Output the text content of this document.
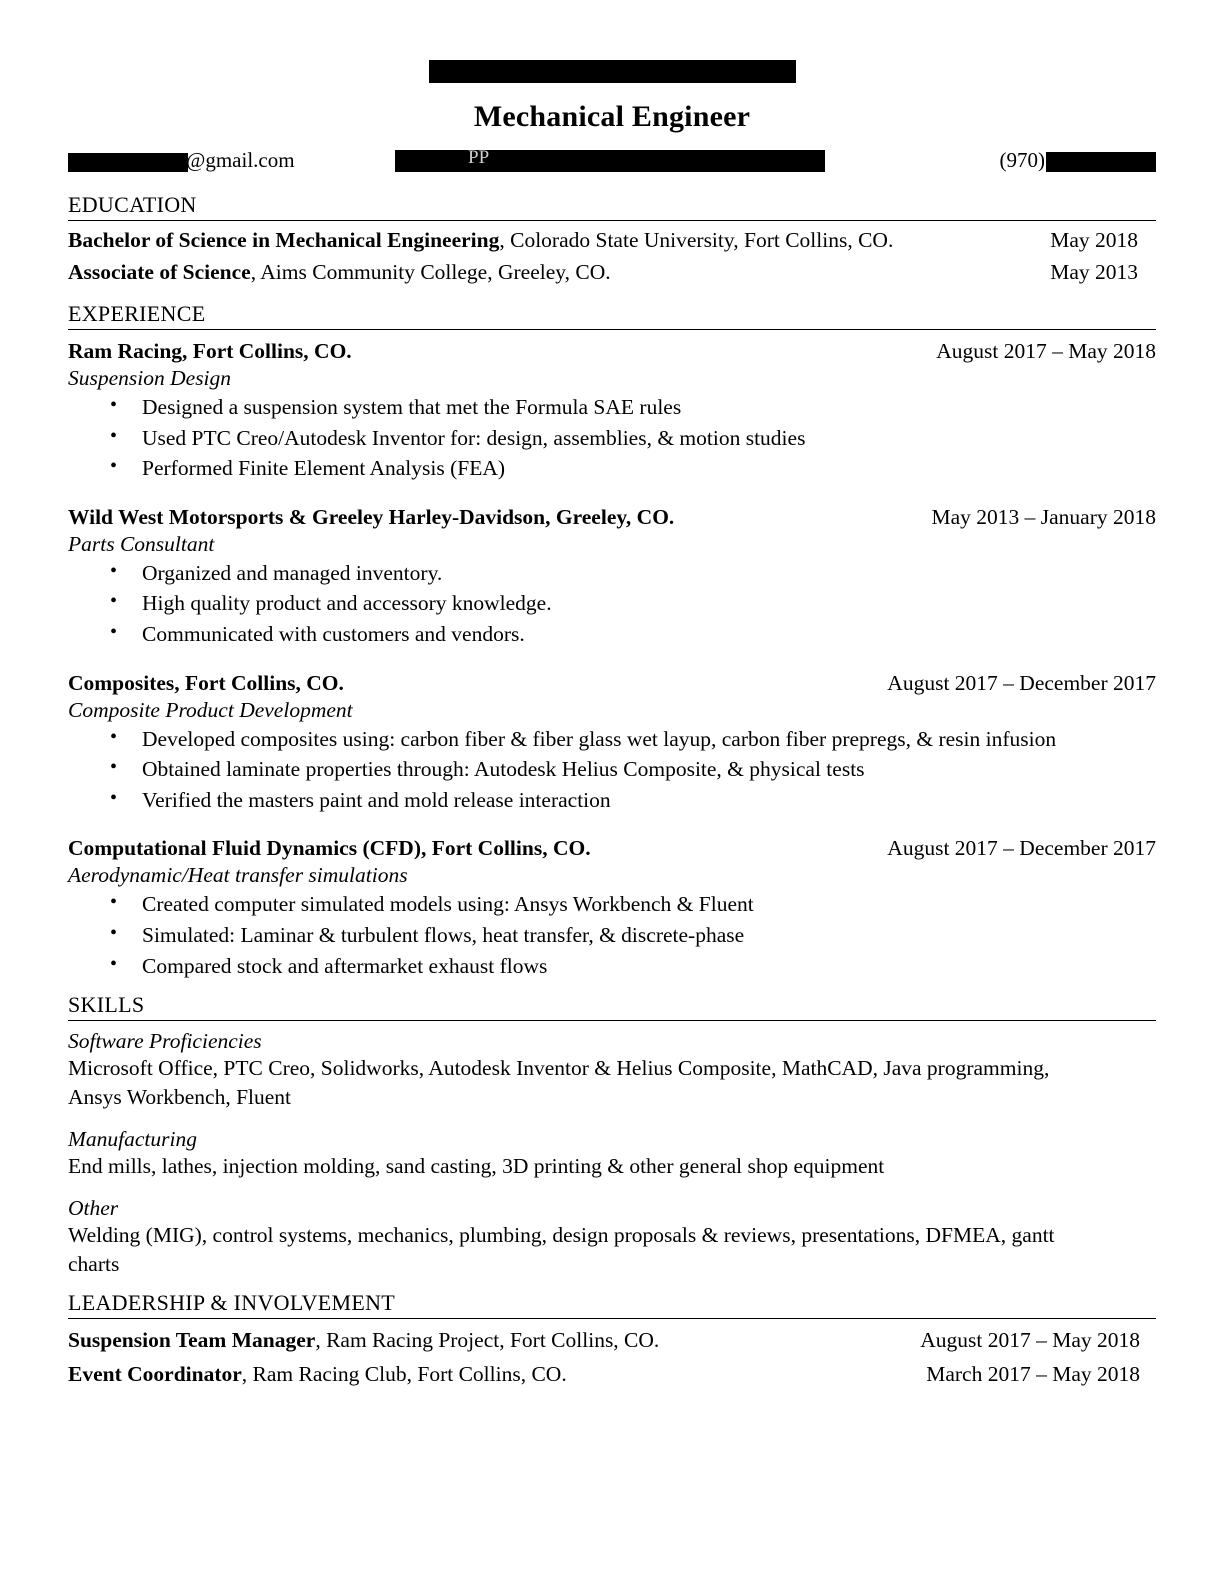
Mechanical Engineer
@gmail.com	PP	(970)
EDUCATION
Bachelor of Science in Mechanical Engineering, Colorado State University, Fort Collins, CO.	May 2018
Associate of Science, Aims Community College, Greeley, CO.	May 2013
EXPERIENCE
Ram Racing, Fort Collins, CO.	August 2017 – May 2018
Suspension Design
• Designed a suspension system that met the Formula SAE rules
• Used PTC Creo/Autodesk Inventor for: design, assemblies, & motion studies
• Performed Finite Element Analysis (FEA)
Wild West Motorsports & Greeley Harley-Davidson, Greeley, CO.	May 2013 – January 2018
Parts Consultant
• Organized and managed inventory.
• High quality product and accessory knowledge.
• Communicated with customers and vendors.
Composites, Fort Collins, CO.	August 2017 – December 2017
Composite Product Development
• Developed composites using: carbon fiber & fiber glass wet layup, carbon fiber prepregs, & resin infusion
• Obtained laminate properties through: Autodesk Helius Composite, & physical tests
• Verified the masters paint and mold release interaction
Computational Fluid Dynamics (CFD), Fort Collins, CO.	August 2017 – December 2017
Aerodynamic/Heat transfer simulations
• Created computer simulated models using: Ansys Workbench & Fluent
• Simulated: Laminar & turbulent flows, heat transfer, & discrete-phase
• Compared stock and aftermarket exhaust flows
SKILLS
Software Proficiencies
Microsoft Office, PTC Creo, Solidworks, Autodesk Inventor & Helius Composite, MathCAD, Java programming, Ansys Workbench, Fluent
Manufacturing
End mills, lathes, injection molding, sand casting, 3D printing & other general shop equipment
Other
Welding (MIG), control systems, mechanics, plumbing, design proposals & reviews, presentations, DFMEA, gantt charts
LEADERSHIP & INVOLVEMENT
Suspension Team Manager, Ram Racing Project, Fort Collins, CO.	August 2017 – May 2018
Event Coordinator, Ram Racing Club, Fort Collins, CO.	March 2017 – May 2018
